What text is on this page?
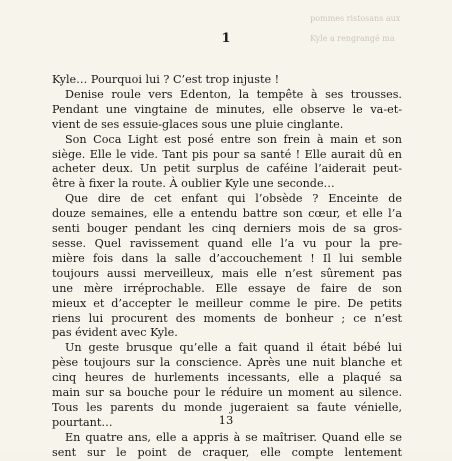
pommes ristosans aux

Kyle a rengrangé ma

1
Kyle… Pourquoi lui ? C’est trop injuste !
Denise roule vers Edenton, la tempête à ses trousses.
Pendant une vingtaine de minutes, elle observe le va-et-
vient de ses essuie-glaces sous une pluie cinglante.
Son Coca Light est posé entre son frein à main et son
siège. Elle le vide. Tant pis pour sa santé ! Elle aurait dû en
acheter deux. Un petit surplus de caféine l’aiderait peut-
être à fixer la route. À oublier Kyle une seconde…
Que dire de cet enfant qui l’obsède ? Enceinte de
douze semaines, elle a entendu battre son cœur, et elle l’a
senti bouger pendant les cinq derniers mois de sa gros-
sesse. Quel ravissement quand elle l’a vu pour la pre-
mière fois dans la salle d’accouchement ! Il lui semble
toujours aussi merveilleux, mais elle n’est sûrement pas
une mère irréprochable. Elle essaye de faire de son
mieux et d’accepter le meilleur comme le pire. De petits
riens lui procurent des moments de bonheur ; ce n’est
pas évident avec Kyle.
Un geste brusque qu’elle a fait quand il était bébé lui
pèse toujours sur la conscience. Après une nuit blanche et
cinq heures de hurlements incessants, elle a plaqué sa
main sur sa bouche pour le réduire un moment au silence.
Tous les parents du monde jugeraient sa faute vénielle,
pourtant…
En quatre ans, elle a appris à se maîtriser. Quand elle se
sent sur le point de craquer, elle compte lentement
13
